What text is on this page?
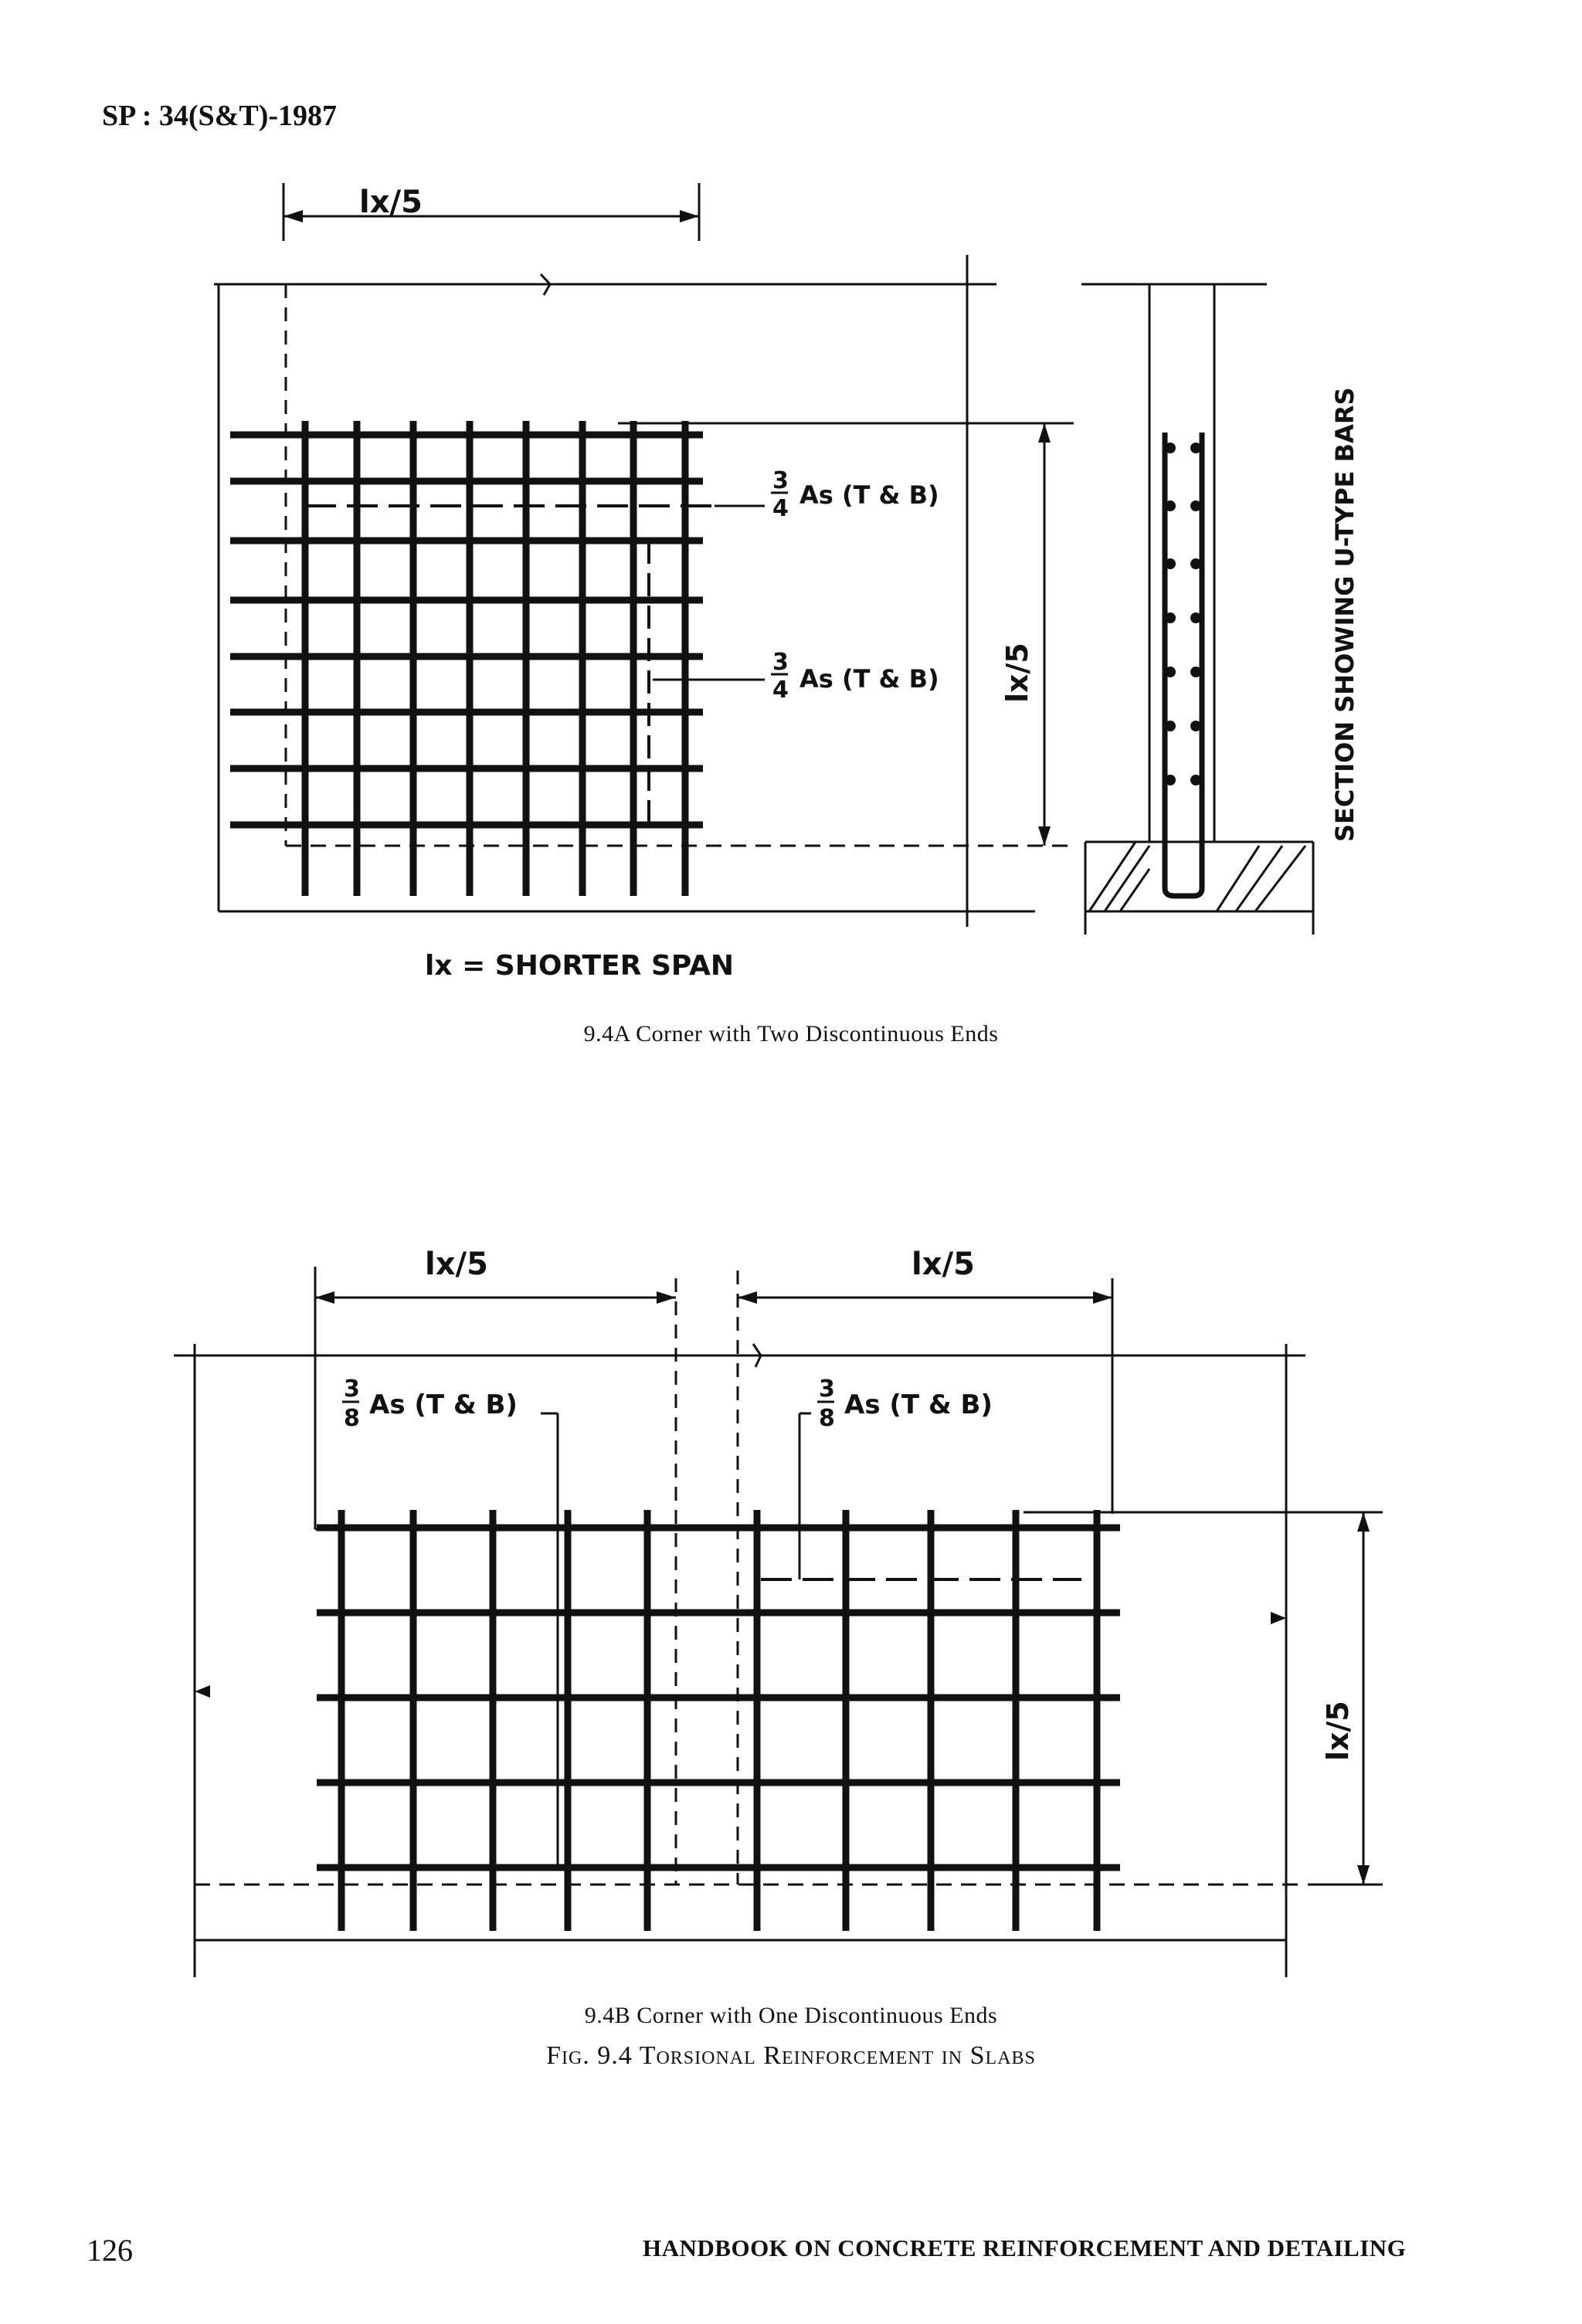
SP : 34(S&T)-1987
lx/5
3
4 As (T & B)
3
4 As (T & B) lx/5	SECTION SHOWING U-TYPE BARS
lx = SHORTER SPAN
9.4A Corner with Two Discontinuous Ends
lx/5	lx/5
3
8 As (T & B)
3
8 As (T & B)
lx/5
9.4B Corner with One Discontinuous Ends
Fig. 9.4 Torsional Reinforcement in Slabs
126	HANDBOOK ON CONCRETE REINFORCEMENT AND DETAILING
